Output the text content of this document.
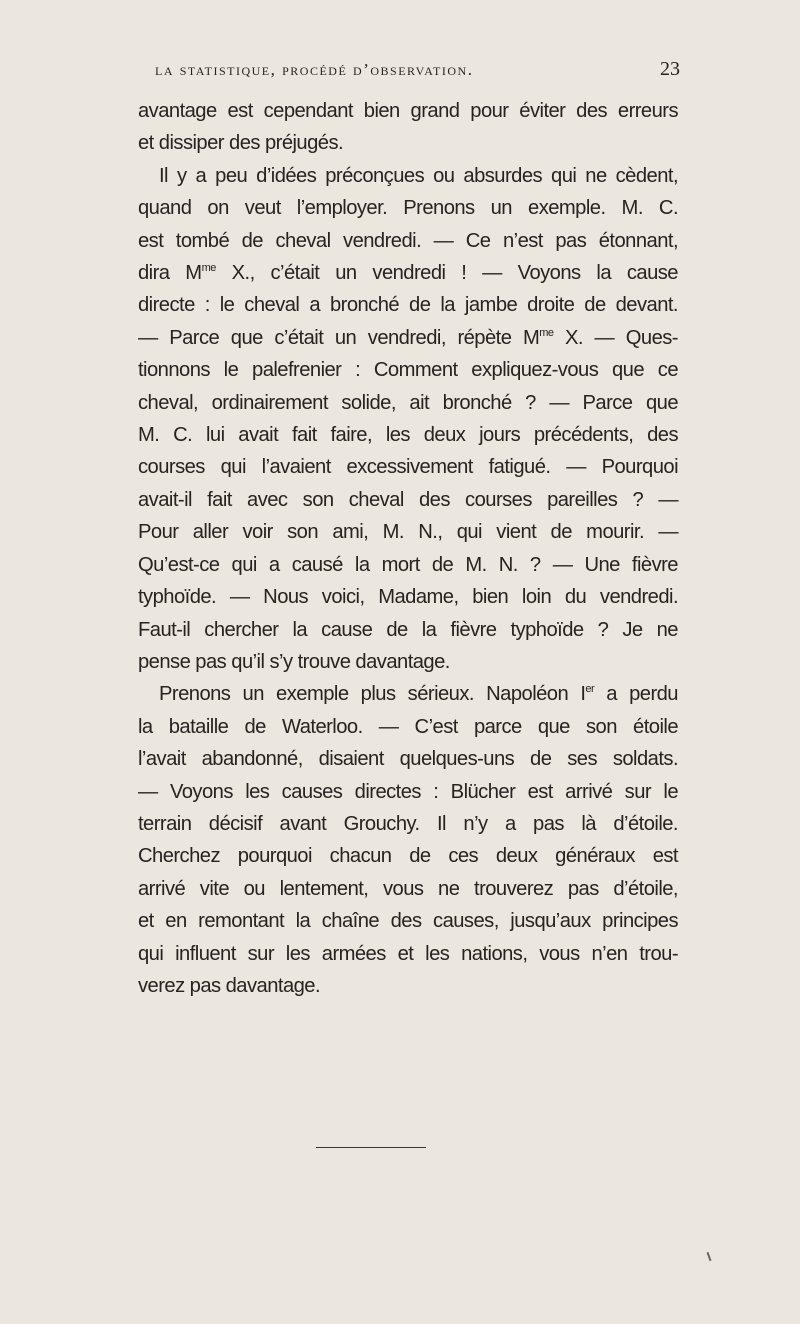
la statistique, procédé d’observation.	23
avantage est cependant bien grand pour éviter des erreurs
et dissiper des préjugés.
Il y a peu d’idées préconçues ou absurdes qui ne cèdent,
quand on veut l’employer. Prenons un exemple. M. C.
est tombé de cheval vendredi. — Ce n’est pas étonnant,
dira $M^{me}$ X., c’était un vendredi ! — Voyons la cause
directe : le cheval a bronché de la jambe droite de devant.
— Parce que c’était un vendredi, répète $M^{me}$ X. — Ques-
tionnons le palefrenier : Comment expliquez-vous que ce
cheval, ordinairement solide, ait bronché ? — Parce que
M. C. lui avait fait faire, les deux jours précédents, des
courses qui l’avaient excessivement fatigué. — Pourquoi
avait-il fait avec son cheval des courses pareilles ? —
Pour aller voir son ami, M. N., qui vient de mourir. —
Qu’est-ce qui a causé la mort de M. N. ? — Une fièvre
typhoïde. — Nous voici, Madame, bien loin du vendredi.
Faut-il chercher la cause de la fièvre typhoïde ? Je ne
pense pas qu’il s’y trouve davantage.
Prenons un exemple plus sérieux. Napoléon Ier a perdu
la bataille de Waterloo. — C’est parce que son étoile
l’avait abandonné, disaient quelques-uns de ses soldats.
— Voyons les causes directes : Blücher est arrivé sur le
terrain décisif avant Grouchy. Il n’y a pas là d’étoile.
Cherchez pourquoi chacun de ces deux généraux est
arrivé vite ou lentement, vous ne trouverez pas d’étoile,
et en remontant la chaîne des causes, jusqu’aux principes
qui influent sur les armées et les nations, vous n’en trou-
verez pas davantage.
